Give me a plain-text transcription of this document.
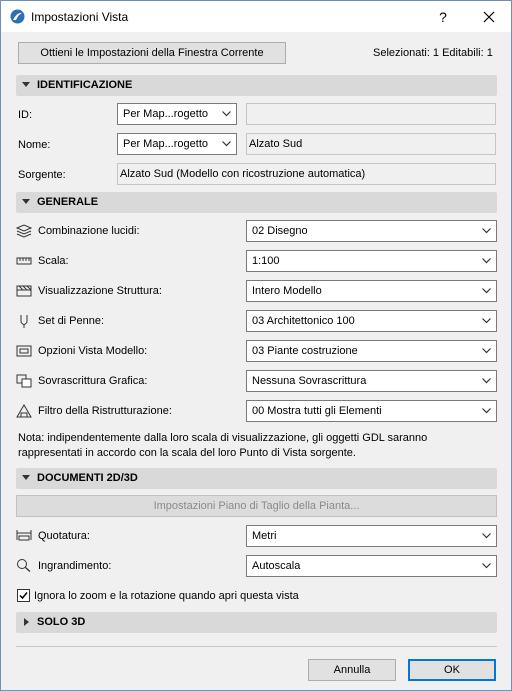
Impostazioni Vista	?
Ottieni le Impostazioni della Finestra Corrente	Selezionati: 1 Editabili: 1
IDENTIFICAZIONE
ID:	Per Map...rogetto
Nome:	Per Map...rogetto	Alzato Sud
Sorgente:	Alzato Sud (Modello con ricostruzione automatica)
GENERALE
Combinazione lucidi:	02 Disegno
Scala:	1:100
Visualizzazione Struttura:	Intero Modello
Set di Penne:	03 Architettonico 100
Opzioni Vista Modello:	03 Piante costruzione
Sovrascrittura Grafica:	Nessuna Sovrascrittura
Filtro della Ristrutturazione:	00 Mostra tutti gli Elementi
Nota: indipendentemente dalla loro scala di visualizzazione, gli oggetti GDL saranno
rappresentati in accordo con la scala del loro Punto di Vista sorgente.
DOCUMENTI 2D/3D
Impostazioni Piano di Taglio della Pianta...
Quotatura:	Metri
Ingrandimento:	Autoscala
Ignora lo zoom e la rotazione quando apri questa vista
SOLO 3D
Annulla	OK
